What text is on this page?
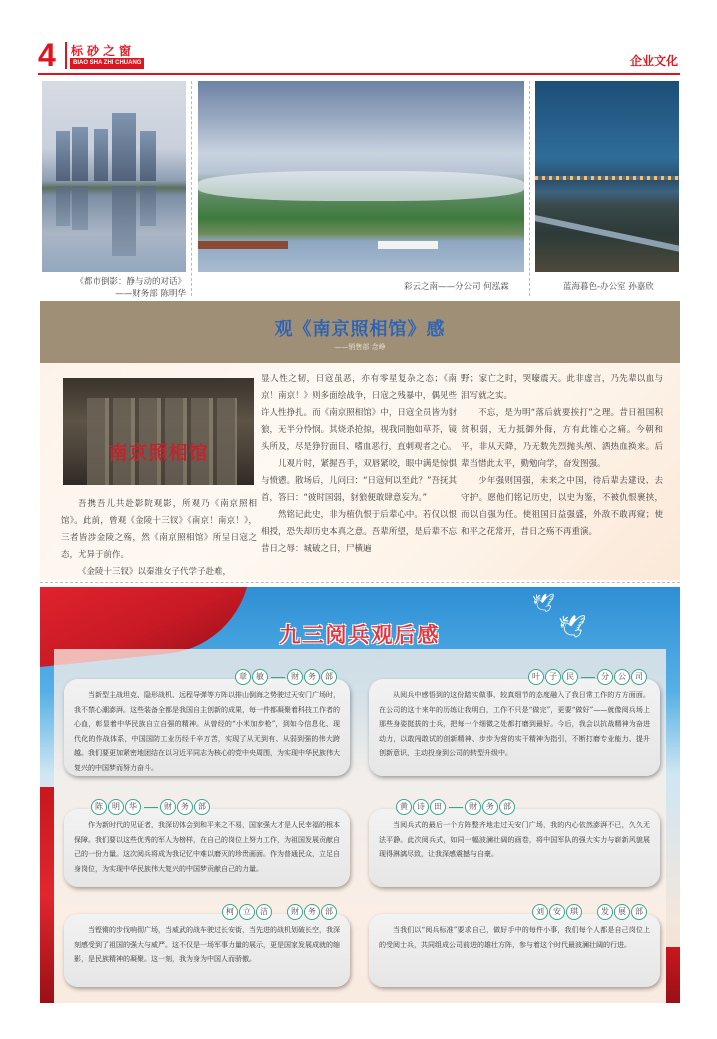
4 标砂之窗
BIAO SHA ZHI CHUANG	企业文化
《都市倒影：静与动的对话》
——财务部 陈明华
彩云之南——分公司 何泓霖	蓝海暮色-办公室 孙嘉欣
观《南京照相馆》感
——销售部 念峥
南京照相馆

吾携吾儿共赴影院观影，所观乃《南京照相馆》。此前，曾观《金陵十三钗》《南京！南京！》，三者皆涉金陵之殇，然《南京照相馆》所呈日寇之态，尤异于前作。

《金陵十三钗》以秦淮女子代学子赴难，

显人性之韧，日寇虽恶，亦有零星复杂之态；《南京！南京！》则多面绘战争，日寇之残暴中，偶见些许人性挣扎。而《南京照相馆》中，日寇全员皆为豺狼，无半分怜悯。其烧杀抢掠，视我同胞如草芥，镜头所及，尽是狰狞面目、嗜血恶行，直刺观者之心。

儿观片时，紧握吾手，双唇紧咬，眼中满是惊惧与愤懑。散场后，儿问曰：“日寇何以至此？”吾抚其首，答曰：“彼时国弱，豺狼便敢肆意妄为。”

然铭记此史，非为植仇恨于后辈心中。若仅以恨相授，恐失却历史本真之意。吾辈所望，是后辈不忘昔日之辱：城破之日，尸横遍

野；家亡之时，哭嚎震天。此非虚言，乃先辈以血与泪写就之实。

不忘，是为明“落后就要挨打”之理。昔日祖国积贫积弱，无力抵御外侮，方有此锥心之痛。今朝和平，非从天降，乃无数先烈抛头颅、洒热血换来。后辈当惜此太平，勤勉向学，奋发图强。

少年强则国强，未来之中国，待后辈去建设、去守护。愿他们铭记历史，以史为鉴，不被仇恨裹挟，而以自强为任。使祖国日益强盛，外敌不敢再窥；使和平之花常开，昔日之殇不再重演。

九三阅兵观后感
🕊
🕊
章	敏	财	务	部

当新型主战坦克、隐形战机、远程导弹等方阵以排山倒海之势驶过天安门广场时，我不禁心潮澎湃。这些装备全都是我国自主创新的成果，每一件都凝聚着科技工作者的心血，彰显着中华民族自立自强的精神。从曾经的“小米加步枪”，到如今信息化、现代化的作战体系，中国国防工业历经千辛万苦，实现了从无到有、从弱到强的伟大跨越。我们要更加紧密地团结在以习近平同志为核心的党中央周围，为实现中华民族伟大复兴的中国梦而努力奋斗。

叶	子	民	分	公	司

从阅兵中感悟到的这份踏实做事、较真细节的态度融入了我日常工作的方方面面。在公司的这十来年的历练让我明白，工作不只是“做完”，更要“做好”——就像阅兵场上那些身姿挺拔的士兵，把每一个细微之处都打磨到最好。今后，我会以抗战精神为奋进动力，以敢闯敢试的创新精神、步步为营的实干精神为指引，不断打磨专业能力、提升创新意识，主动投身到公司的转型升级中。

陈	明	华	财	务	部

作为新时代的见证者，我深切体会到和平来之不易，国家强大才是人民幸福的根本保障。我们要以这些优秀的军人为榜样，在自己的岗位上努力工作，为祖国发展贡献自己的一份力量。这次阅兵将成为我记忆中难以磨灭的珍贵画面。作为普通民众，立足自身岗位，为实现中华民族伟大复兴的中国梦贡献自己的力量。

黄	诗	田	财	务	部

当阅兵式的最后一个方阵整齐地走过天安门广场，我的内心依然澎湃不已，久久无法平静。此次阅兵式，如同一幅波澜壮阔的画卷，将中国军队的强大实力与崭新风貌展现得淋漓尽致，让我深感震撼与自豪。

柯	立	洁	财	务	部

当铿锵的步伐响彻广场，当威武的战车驶过长安街，当先进的战机划破长空，我深刻感受到了祖国的强大与威严。这不仅是一场军事力量的展示，更是国家发展成就的缩影，是民族精神的凝聚。这一刻，我为身为中国人而骄傲。

刘	安	琪	发	展	部

当我们以“阅兵标准”要求自己，做好手中的每件小事，我们每个人都是自己岗位上的受阅士兵，共同组成公司前进的雄壮方阵，参与着这个时代最波澜壮阔的行进。
